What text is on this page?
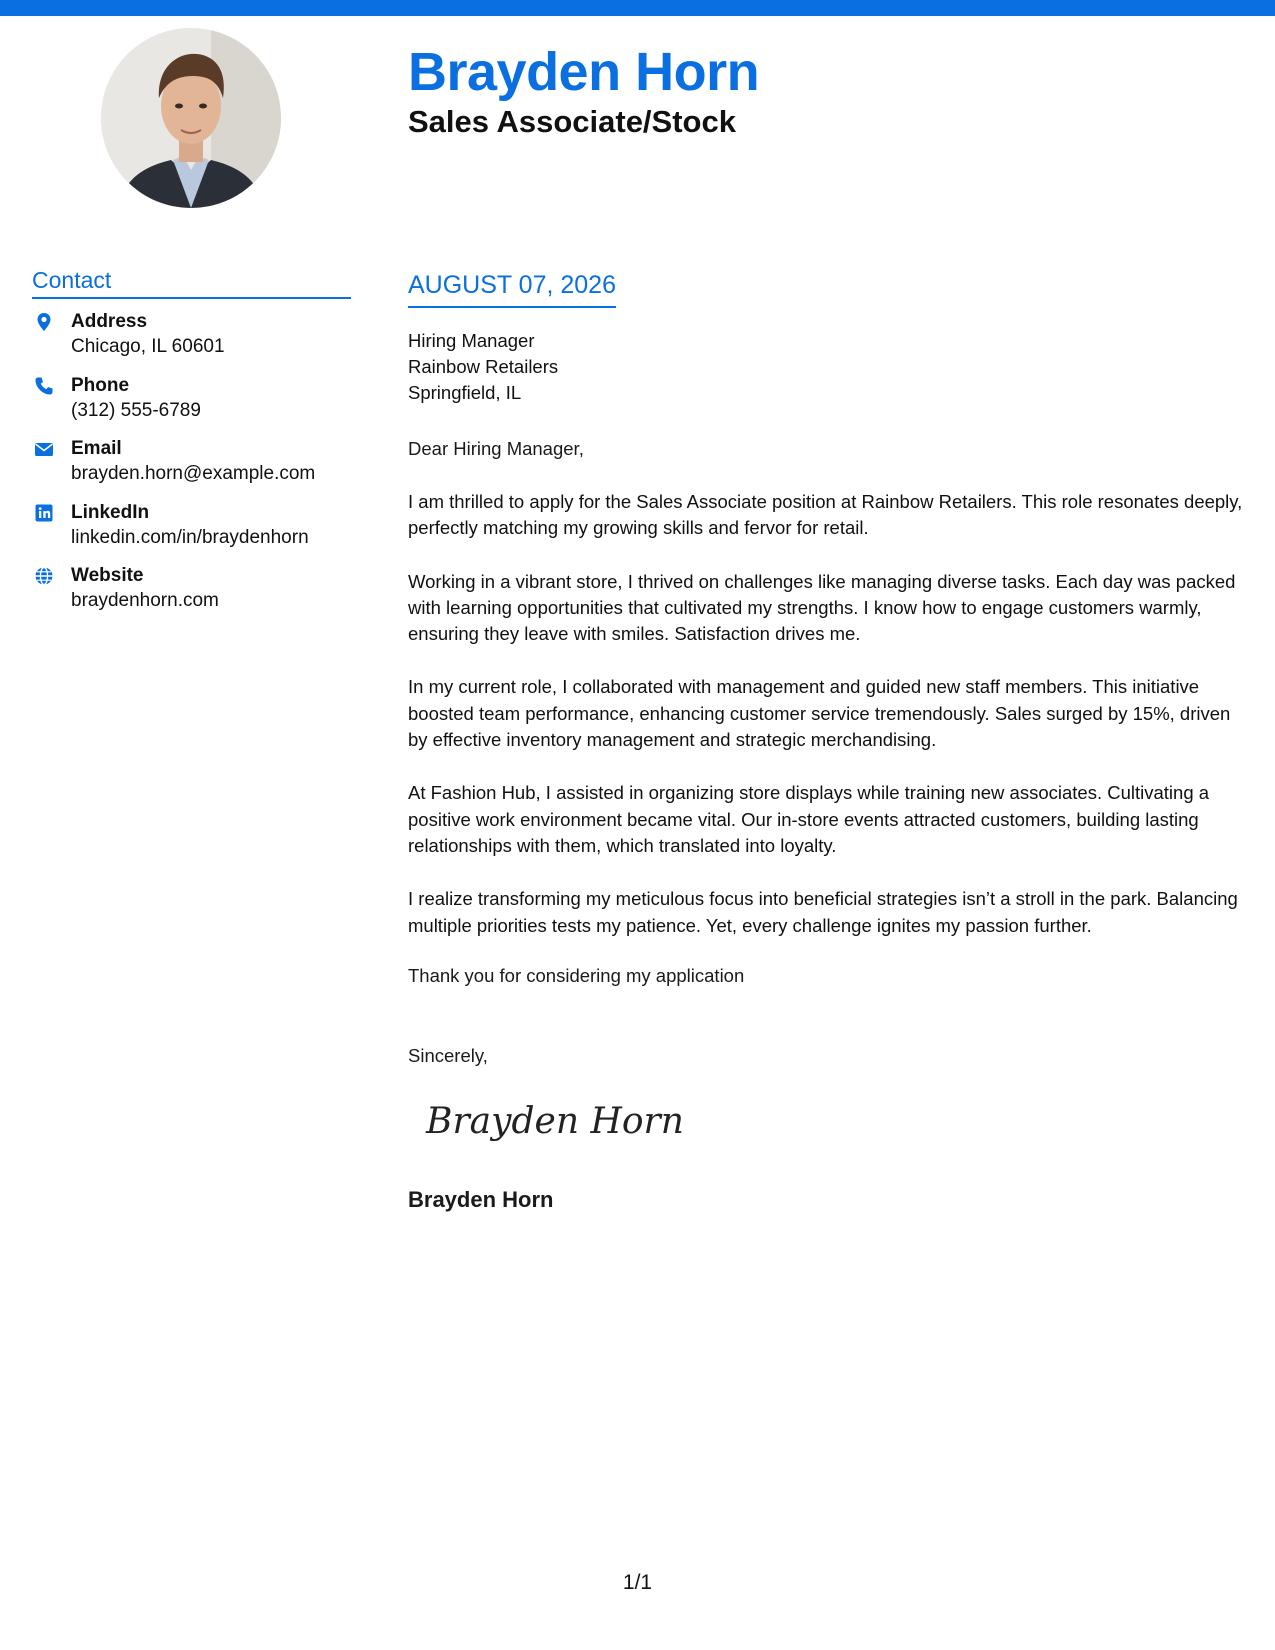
Brayden Horn
Sales Associate/Stock
Contact
Address
Chicago, IL 60601
Phone
(312) 555-6789
Email
brayden.horn@example.com
LinkedIn
linkedin.com/in/braydenhorn
Website
braydenhorn.com
AUGUST 07, 2026
Hiring Manager
Rainbow Retailers
Springfield, IL
Dear Hiring Manager,

I am thrilled to apply for the Sales Associate position at Rainbow Retailers. This role resonates deeply, perfectly matching my growing skills and fervor for retail.

Working in a vibrant store, I thrived on challenges like managing diverse tasks. Each day was packed with learning opportunities that cultivated my strengths. I know how to engage customers warmly, ensuring they leave with smiles. Satisfaction drives me.

In my current role, I collaborated with management and guided new staff members. This initiative boosted team performance, enhancing customer service tremendously. Sales surged by 15%, driven by effective inventory management and strategic merchandising.

At Fashion Hub, I assisted in organizing store displays while training new associates. Cultivating a positive work environment became vital. Our in-store events attracted customers, building lasting relationships with them, which translated into loyalty.

I realize transforming my meticulous focus into beneficial strategies isn’t a stroll in the park. Balancing multiple priorities tests my patience. Yet, every challenge ignites my passion further.

Thank you for considering my application
Sincerely,
Brayden Horn
Brayden Horn
1/1
